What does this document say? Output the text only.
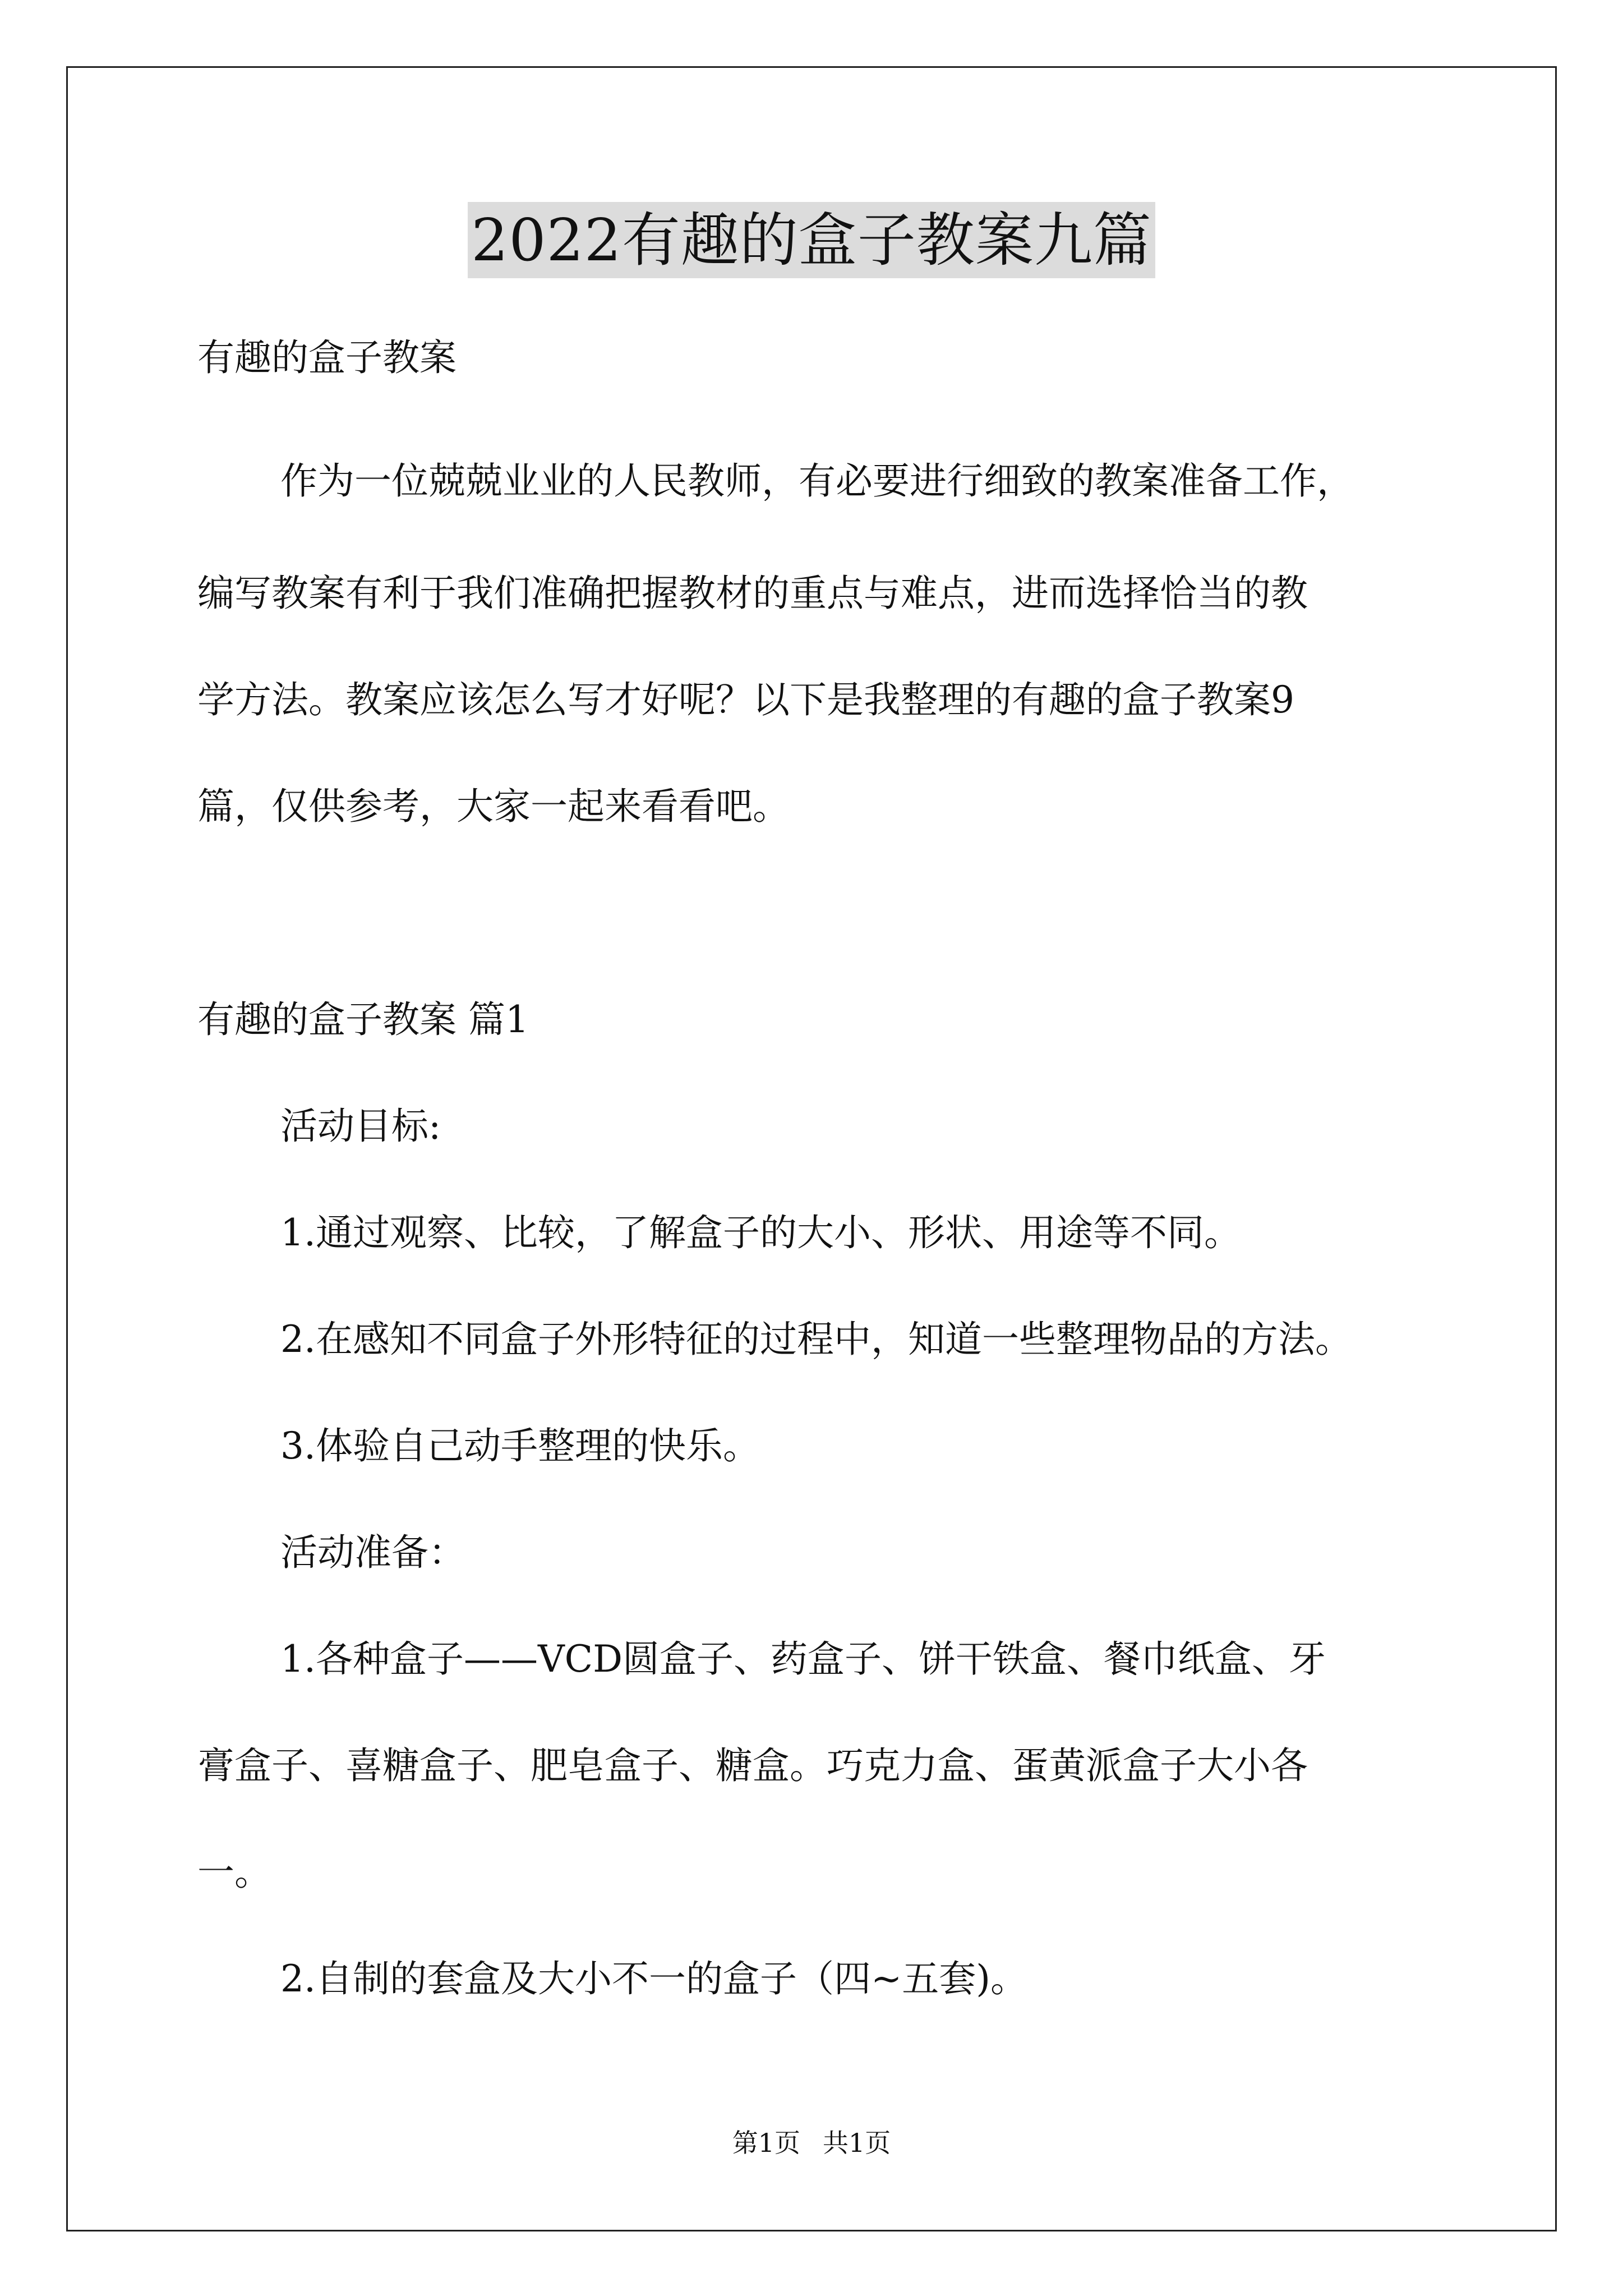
2022有趣的盒子教案九篇

有趣的盒子教案

作为一位兢兢业业的人民教师，有必要进行细致的教案准备工作，

编写教案有利于我们准确把握教材的重点与难点，进而选择恰当的教

学方法。教案应该怎么写才好呢？以下是我整理的有趣的盒子教案9

篇，仅供参考，大家一起来看看吧。

有趣的盒子教案 篇1

活动目标:

1.通过观察、比较，了解盒子的大小、形状、用途等不同。

2.在感知不同盒子外形特征的过程中，知道一些整理物品的方法。

3.体验自己动手整理的快乐。

活动准备：

1.各种盒子——VCD圆盒子、药盒子、饼干铁盒、餐巾纸盒、牙

膏盒子、喜糖盒子、肥皂盒子、糖盒。巧克力盒、蛋黄派盒子大小各

一。

2.自制的套盒及大小不一的盒子（四~五套)。

第1页 共1页
